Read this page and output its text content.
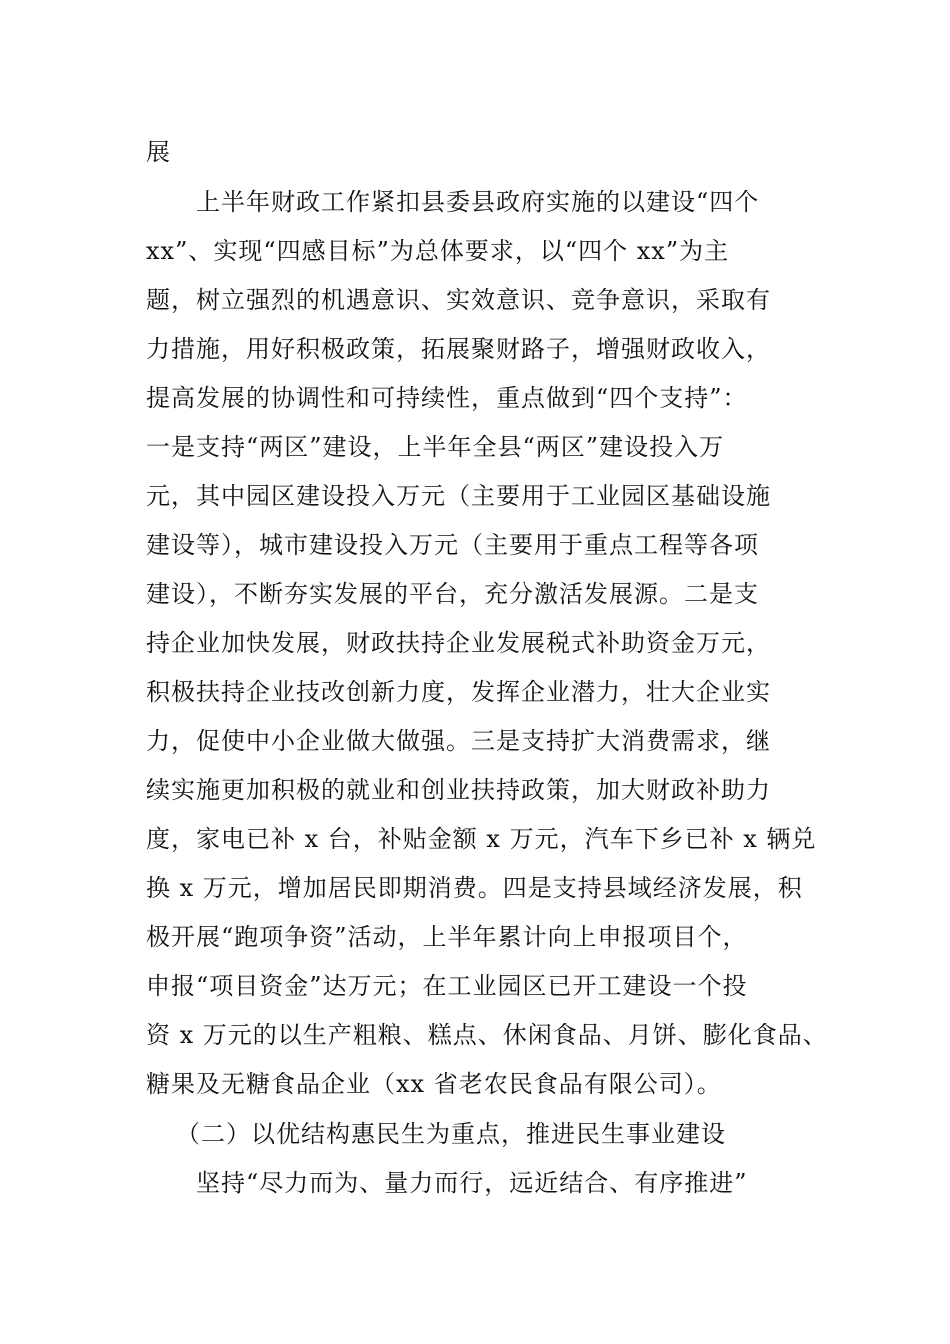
展
上半年财政工作紧扣县委县政府实施的以建设“四个
xx”、实现“四感目标”为总体要求，以“四个 xx”为主
题，树立强烈的机遇意识、实效意识、竞争意识，采取有
力措施，用好积极政策，拓展聚财路子，增强财政收入，
提高发展的协调性和可持续性，重点做到“四个支持”：
一是支持“两区”建设，上半年全县“两区”建设投入万
元，其中园区建设投入万元（主要用于工业园区基础设施
建设等），城市建设投入万元（主要用于重点工程等各项
建设），不断夯实发展的平台，充分激活发展源。二是支
持企业加快发展，财政扶持企业发展税式补助资金万元，
积极扶持企业技改创新力度，发挥企业潜力，壮大企业实
力，促使中小企业做大做强。三是支持扩大消费需求，继
续实施更加积极的就业和创业扶持政策，加大财政补助力
度，家电已补 x 台，补贴金额 x 万元，汽车下乡已补 x 辆兑
换 x 万元，增加居民即期消费。四是支持县域经济发展，积
极开展“跑项争资”活动，上半年累计向上申报项目个，
申报“项目资金”达万元；在工业园区已开工建设一个投
资 x 万元的以生产粗粮、糕点、休闲食品、月饼、膨化食品、
糖果及无糖食品企业（xx 省老农民食品有限公司）。
（二）以优结构惠民生为重点，推进民生事业建设
坚持“尽力而为、量力而行，远近结合、有序推进”
